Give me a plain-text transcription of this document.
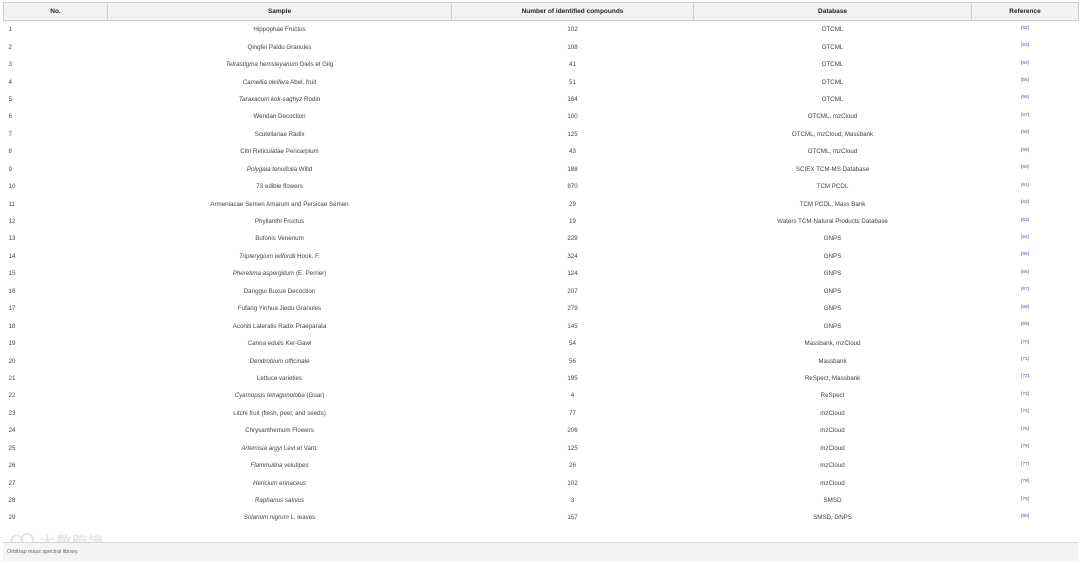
No.	Sample	Number of identified compounds	Database	Reference
1	Hippophae Fructus	102	OTCML	[52]
2	Qingfei Paidu Granules	108	OTCML	[53]
3	Tetrastigma hemsleyanum Diels et Gilg	41	OTCML	[54]
4	Camellia oleifera Abel. fruit	51	OTCML	[55]
5	Taraxacum kok-saghyz Rodin	164	OTCML	[56]
6	Wendan Decoction	100	OTCML, mzCloud	[57]
7	Scutellariae Radix	125	OTCML, mzCloud, Massbank	[58]
8	Citri Reticulatae Pericarpium	43	OTCML, mzCloud	[59]
9	Polygala tenuifolia Willd	188	SCIEX TCM-MS Database	[60]
10	73 edible flowers	870	TCM PCDL	[61]
11	Armeniacae Semen Amarum and Persicae Semen	29	TCM PCDL, Mass Bank	[62]
12	Phyllanthi Fructus	19	Waters TCM-Natural Products Database	[63]
13	Bufonis Venenum	229	GNPS	[64]
14	Tripterygium wilfordii Hook. F.	324	GNPS	[65]
15	Pheretima aspergillum (E. Perrier)	124	GNPS	[66]
16	Danggui Buxue Decoction	207	GNPS	[67]
17	Fufang Yinhua Jiedu Granules	279	GNPS	[68]
18	Aconiti Lateralis Radix Praeparata	145	GNPS	[69]
19	Canna edulis Ker-Gawl	54	Massbank, mzCloud	[70]
20	Dendrobium officinale	56	Massbank	[71]
21	Lettuce varieties	195	ReSpect, Massbank	[72]
22	Cyamopsis tetragonoloba (Guar)	4	ReSpect	[73]
23	Litchi fruit (flesh, peel, and seeds)	77	mzCloud	[74]
24	Chrysanthemum Flowers	206	mzCloud	[75]
25	Artemisia argyi Levl.et Vant.	125	mzCloud	[76]
26	Flammulina velutipes	26	mzCloud	[77]
27	Hericium erinaceus	102	mzCloud	[78]
28	Raphanus sativus	3	SMSD	[79]
29	Solanum nigrum L. leaves	157	SMSD, GNPS	[80]
Orbitrap mass spectral library.
